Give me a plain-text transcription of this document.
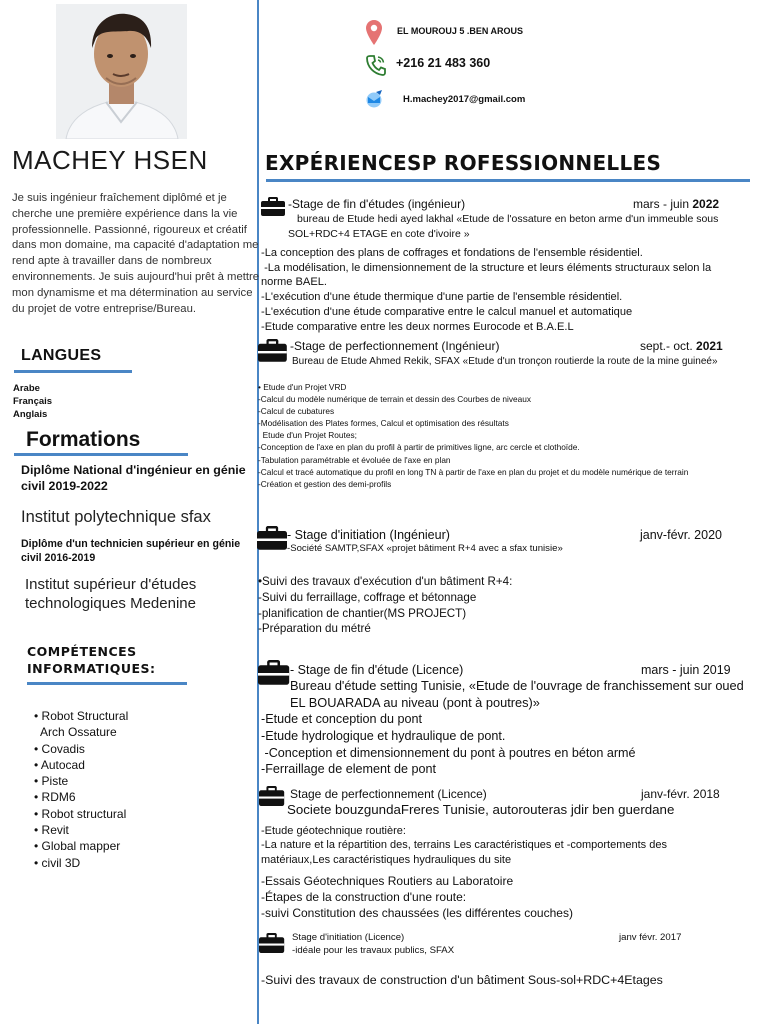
MACHEY HSEN
Je suis ingénieur fraîchement diplômé et je cherche une première expérience dans la vie professionnelle. Passionné, rigoureux et créatif dans mon domaine, ma capacité d'adaptation me rend apte à travailler dans de nombreux environnements. Je suis aujourd'hui prêt à mettre mon dynamisme et ma détermination au service du projet de votre entreprise/Bureau.
LANGUES
Arabe
Français
Anglais
Formations
Diplôme National d'ingénieur en génie civil 2019-2022
Institut polytechnique sfax
Diplôme d'un technicien supérieur en génie civil 2016-2019
Institut supérieur d'études technologiques Medenine
COMPÉTENCES
INFORMATIQUES:
• Robot Structural
Arch Ossature
• Covadis
• Autocad
• Piste
• RDM6
• Robot structural
• Revit
• Global mapper
• civil 3D
EL MOUROUJ 5 .BEN AROUS
+216 21 483 360
H.machey2017@gmail.com
EXPÉRIENCESP ROFESSIONNELLES
-Stage de fin d'études (ingénieur)	mars - juin 2022
bureau de Etude hedi ayed lakhal «Etude de l'ossature en beton arme d'un immeuble sous SOL+RDC+4 ETAGE en cote d'ivoire »
-La conception des plans de coffrages et fondations de l'ensemble résidentiel.
-La modélisation, le dimensionnement de la structure et leurs éléments structuraux selon la norme BAEL.
-L'exécution d'une étude thermique d'une partie de l'ensemble résidentiel.
-L'exécution d'une étude comparative entre le calcul manuel et automatique
-Etude comparative entre les deux normes Eurocode et B.A.E.L
-Stage de perfectionnement (Ingénieur)	sept.- oct. 2021
Bureau de Etude Ahmed Rekik, SFAX «Etude d'un tronçon routierde la route de la mine guineé»
• Etude d'un Projet VRD
-Calcul du modèle numérique de terrain et dessin des Courbes de niveaux
-Calcul de cubatures
-Modélisation des Plates formes, Calcul et optimisation des résultats
Etude d'un Projet Routes;
-Conception de l'axe en plan du profil à partir de primitives ligne, arc cercle et clothoïde.
-Tabulation paramétrable et évoluée de l'axe en plan
-Calcul et tracé automatique du profil en long TN à partir de l'axe en plan du projet et du modèle numérique de terrain
-Création et gestion des demi-profils
- Stage d'initiation (Ingénieur)	janv-févr. 2020
-Société SAMTP,SFAX «projet bâtiment R+4 avec a sfax tunisie»
•Suivi des travaux d'exécution d'un bâtiment R+4:
-Suivi du ferraillage, coffrage et bétonnage
-planification de chantier(MS PROJECT)
-Préparation du métré
- Stage de fin d'étude (Licence)	mars - juin 2019
Bureau d'étude setting Tunisie, «Etude de l'ouvrage de franchissement sur oued EL BOUARADA au niveau (pont à poutres)»
-Etude et conception du pont
-Etude hydrologique et hydraulique de pont.
-Conception et dimensionnement du pont à poutres en béton armé
-Ferraillage de element de pont
Stage de perfectionnement (Licence)	janv-févr. 2018
Societe bouzgundaFreres Tunisie, autorouteras jdir ben guerdane
-Etude géotechnique routière:
-La nature et la répartition des, terrains Les caractéristiques et -comportements des matériaux,Les caractéristiques hydrauliques du site
-Essais Géotechniques Routiers au Laboratoire
-Étapes de la construction d'une route:
-suivi Constitution des chaussées (les différentes couches)
Stage d'initiation (Licence)	janv févr. 2017
-idéale pour les travaux publics, SFAX
-Suivi des travaux de construction d'un bâtiment Sous-sol+RDC+4Etages
